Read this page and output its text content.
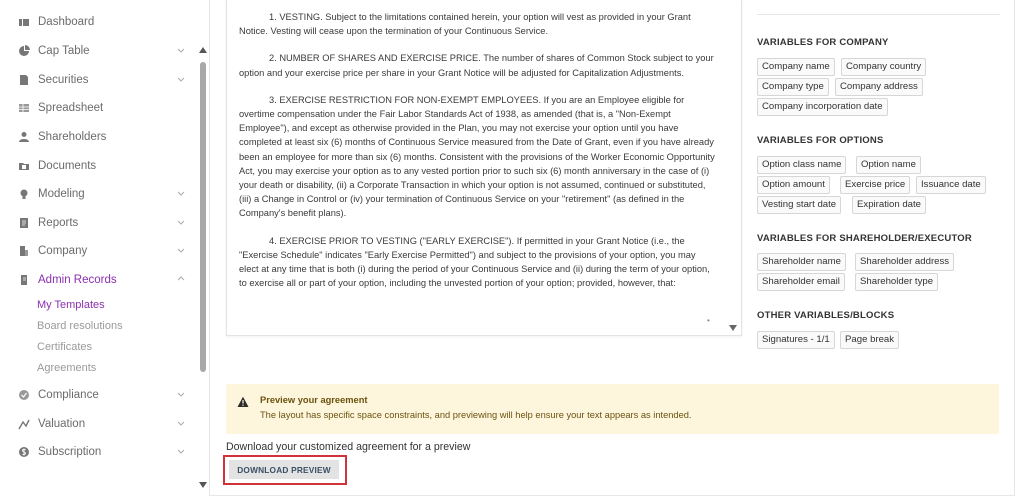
Dashboard
Cap Table
Securities
Spreadsheet
Shareholders
Documents
Modeling
Reports
Company
Admin Records
My Templates
Board resolutions
Certificates
Agreements
Compliance
Valuation
Subscription

1. VESTING. Subject to the limitations contained herein, your option will vest as provided in your Grant Notice. Vesting will cease upon the termination of your Continuous Service.

2. NUMBER OF SHARES AND EXERCISE PRICE. The number of shares of Common Stock subject to your option and your exercise price per share in your Grant Notice will be adjusted for Capitalization Adjustments.

3. EXERCISE RESTRICTION FOR NON-EXEMPT EMPLOYEES. If you are an Employee eligible for overtime compensation under the Fair Labor Standards Act of 1938, as amended (that is, a "Non-Exempt Employee"), and except as otherwise provided in the Plan, you may not exercise your option until you have completed at least six (6) months of Continuous Service measured from the Date of Grant, even if you have already been an employee for more than six (6) months. Consistent with the provisions of the Worker Economic Opportunity Act, you may exercise your option as to any vested portion prior to such six (6) month anniversary in the case of (i) your death or disability, (ii) a Corporate Transaction in which your option is not assumed, continued or substituted, (iii) a Change in Control or (iv) your termination of Continuous Service on your "retirement" (as defined in the Company's benefit plans).

4. EXERCISE PRIOR TO VESTING ("EARLY EXERCISE"). If permitted in your Grant Notice (i.e., the "Exercise Schedule" indicates "Early Exercise Permitted") and subject to the provisions of your option, you may elect at any time that is both (i) during the period of your Continuous Service and (ii) during the term of your option, to exercise all or part of your option, including the unvested portion of your option; provided, however, that:

•
VARIABLES FOR COMPANY
Company name	Company country
Company type	Company address
Company incorporation date
VARIABLES FOR OPTIONS
Option class name	Option name
Option amount	Exercise price	Issuance date
Vesting start date	Expiration date
VARIABLES FOR SHAREHOLDER/EXECUTOR
Shareholder name	Shareholder address
Shareholder email	Shareholder type
OTHER VARIABLES/BLOCKS
Signatures - 1/1	Page break
Preview your agreement
The layout has specific space constraints, and previewing will help ensure your text appears as intended.
Download your customized agreement for a preview
DOWNLOAD PREVIEW
